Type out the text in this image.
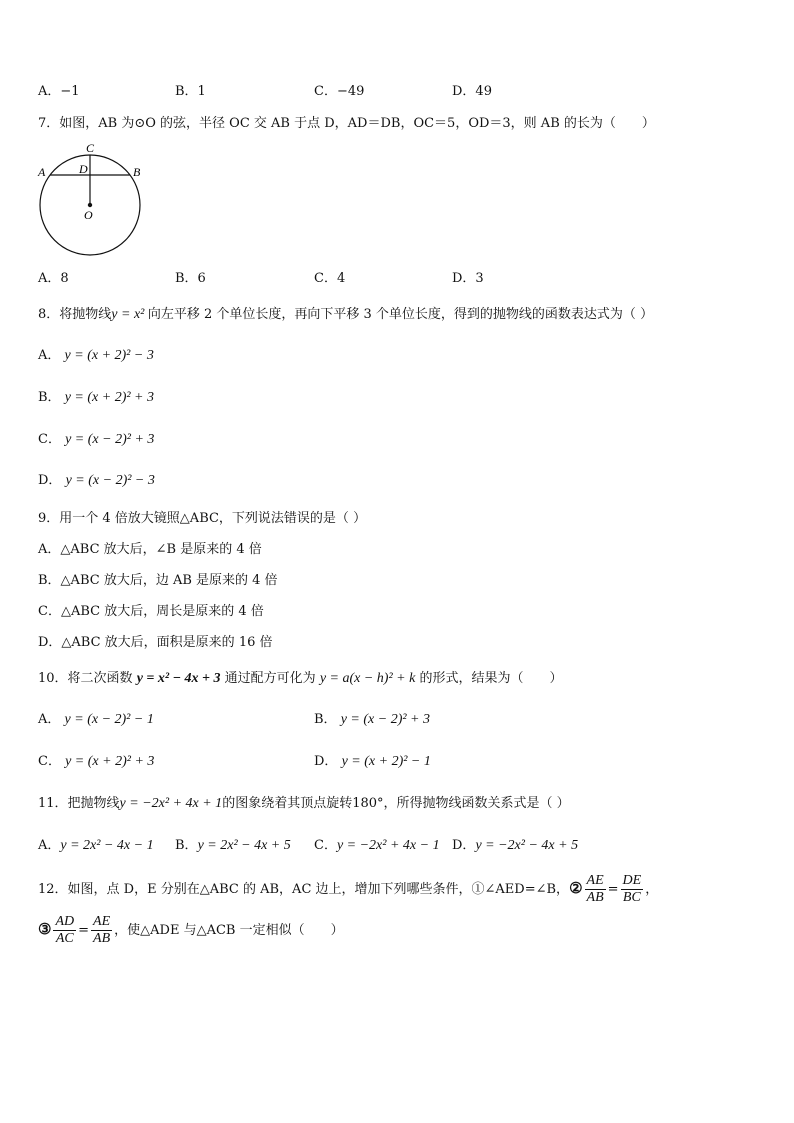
A．−1	B．1	C．−49	D．49
7．如图，AB 为⊙O 的弦，半径 OC 交 AB 于点 D，AD＝DB，OC＝5，OD＝3，则 AB 的长为（　　）
C
A	D	B
O
A．8	B．6	C．4	D．3
8．将抛物线y = x² 向左平移 2 个单位长度，再向下平移 3 个单位长度，得到的抛物线的函数表达式为（ ）
A． y = (x + 2)² − 3
B． y = (x + 2)² + 3
C． y = (x − 2)² + 3
D． y = (x − 2)² − 3
9．用一个 4 倍放大镜照△ABC，下列说法错误的是（ ）
A．△ABC 放大后，∠B 是原来的 4 倍
B．△ABC 放大后，边 AB 是原来的 4 倍
C．△ABC 放大后，周长是原来的 4 倍
D．△ABC 放大后，面积是原来的 16 倍
10．将二次函数 y = x² − 4x + 3 通过配方可化为 y = a(x − h)² + k 的形式，结果为（　　）
A． y = (x − 2)² − 1	B． y = (x − 2)² + 3
C． y = (x + 2)² + 3	D． y = (x + 2)² − 1
11．把抛物线y = −2x² + 4x + 1的图象绕着其顶点旋转180°，所得抛物线函数关系式是（ ）
A．y = 2x² − 4x − 1 B．y = 2x² − 4x + 5 C．y = −2x² + 4x − 1 D．y = −2x² − 4x + 5
12．如图，点 D，E 分别在△ABC 的 AB，AC 边上，增加下列哪些条件，①∠AED=∠B，② $\frac{AE}{AB} = \frac{DE}{BC}$ ，
③ $\frac{AD}{AC} = \frac{AE}{AB}$ ，使△ADE 与△ACB 一定相似（　　）
